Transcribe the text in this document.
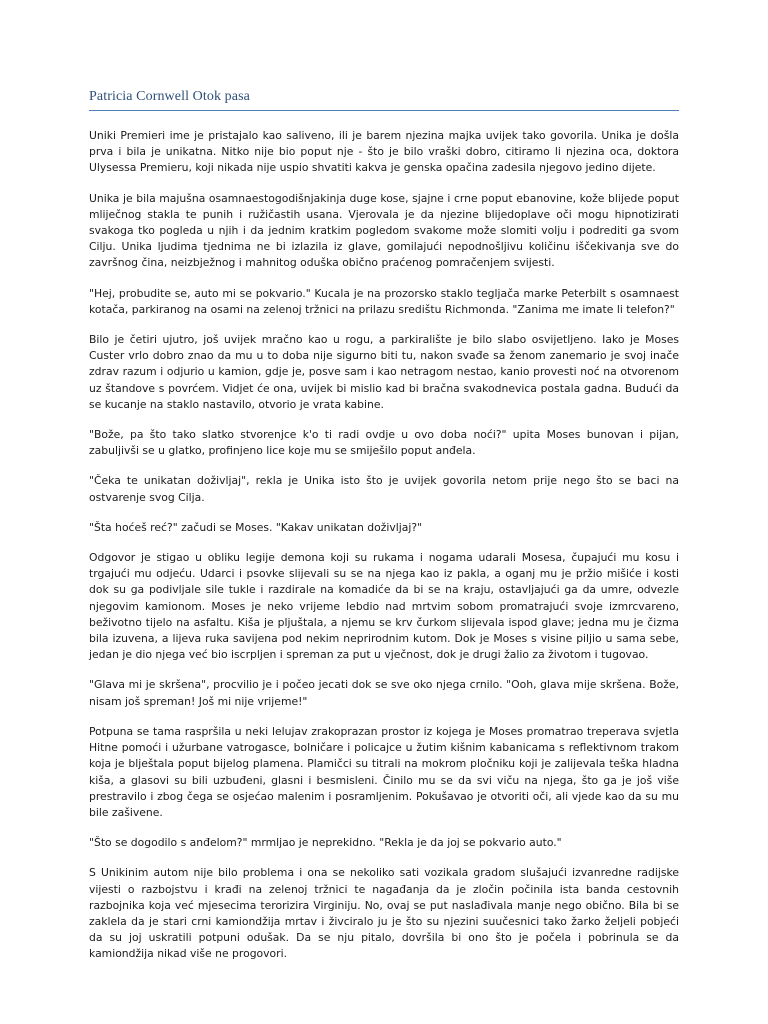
Patricia Cornwell Otok pasa

Uniki Premieri ime je pristajalo kao saliveno, ili je barem njezina majka uvijek tako govorila. Unika je došla prva i bila je unikatna. Nitko nije bio poput nje - što je bilo vraški dobro, citiramo li njezina oca, doktora Ulysessa Premieru, koji nikada nije uspio shvatiti kakva je genska opačina zadesila njegovo jedino dijete.

Unika je bila majušna osamnaestogodišnjakinja duge kose, sjajne i crne poput ebanovine, kože blijede poput mliječnog stakla te punih i ružičastih usana. Vjerovala je da njezine blijedoplave oči mogu hipnotizirati svakoga tko pogleda u njih i da jednim kratkim pogledom svakome može slomiti volju i podrediti ga svom Cilju. Unika ljudima tjednima ne bi izlazila iz glave, gomilajući nepodnošljivu količinu iščekivanja sve do završnog čina, neizbježnog i mahnitog oduška obično praćenog pomračenjem svijesti.

"Hej, probudite se, auto mi se pokvario." Kucala je na prozorsko staklo tegljača marke Peterbilt s osamnaest kotača, parkiranog na osami na zelenoj tržnici na prilazu središtu Richmonda. "Zanima me imate li telefon?"

Bilo je četiri ujutro, još uvijek mračno kao u rogu, a parkiralište je bilo slabo osvijetljeno. Iako je Moses Custer vrlo dobro znao da mu u to doba nije sigurno biti tu, nakon svađe sa ženom zanemario je svoj inače zdrav razum i odjurio u kamion, gdje je, posve sam i kao netragom nestao, kanio provesti noć na otvorenom uz štandove s povrćem. Vidjet će ona, uvijek bi mislio kad bi bračna svakodnevica postala gadna. Budući da se kucanje na staklo nastavilo, otvorio je vrata kabine.

"Bože, pa što tako slatko stvorenjce k'o ti radi ovdje u ovo doba noći?" upita Moses bunovan i pijan, zabuljivši se u glatko, profinjeno lice koje mu se smiješilo poput anđela.

"Čeka te unikatan doživljaj", rekla je Unika isto što je uvijek govorila netom prije nego što se baci na ostvarenje svog Cilja.

"Šta hoćeš reć?" začudi se Moses. "Kakav unikatan doživljaj?"

Odgovor je stigao u obliku legije demona koji su rukama i nogama udarali Mosesa, čupajući mu kosu i trgajući mu odjeću. Udarci i psovke slijevali su se na njega kao iz pakla, a oganj mu je pržio mišiće i kosti dok su ga podivljale sile tukle i razdirale na komadiće da bi se na kraju, ostavljajući ga da umre, odvezle njegovim kamionom. Moses je neko vrijeme lebdio nad mrtvim sobom promatrajući svoje izmrcvareno, beživotno tijelo na asfaltu. Kiša je pljuštala, a njemu se krv čurkom slijevala ispod glave; jedna mu je čizma bila izuvena, a lijeva ruka savijena pod nekim neprirodnim kutom. Dok je Moses s visine piljio u sama sebe, jedan je dio njega već bio iscrpljen i spreman za put u vječnost, dok je drugi žalio za životom i tugovao.

"Glava mi je skršena", procvilio je i počeo jecati dok se sve oko njega crnilo. "Ooh, glava mije skršena. Bože, nisam još spreman! Još mi nije vrijeme!"

Potpuna se tama raspršila u neki lelujav zrakoprazan prostor iz kojega je Moses promatrao treperava svjetla Hitne pomoći i užurbane vatrogasce, bolničare i policajce u žutim kišnim kabanicama s reflektivnom trakom koja je blještala poput bijelog plamena. Plamičci su titrali na mokrom pločniku koji je zalijevala teška hladna kiša, a glasovi su bili uzbuđeni, glasni i besmisleni. Činilo mu se da svi viču na njega, što ga je još više prestravilo i zbog čega se osjećao malenim i posramljenim. Pokušavao je otvoriti oči, ali vjede kao da su mu bile zašivene.

"Što se dogodilo s anđelom?" mrmljao je neprekidno. "Rekla je da joj se pokvario auto."

S Unikinim autom nije bilo problema i ona se nekoliko sati vozikala gradom slušajući izvanredne radijske vijesti o razbojstvu i krađi na zelenoj tržnici te nagađanja da je zločin počinila ista banda cestovnih razbojnika koja već mjesecima terorizira Virginiju. No, ovaj se put naslađivala manje nego obično. Bila bi se zaklela da je stari crni kamiondžija mrtav i živciralo ju je što su njezini suučesnici tako žarko željeli pobjeći da su joj uskratili potpuni odušak. Da se nju pitalo, dovršila bi ono što je počela i pobrinula se da kamiondžija nikad više ne progovori.
